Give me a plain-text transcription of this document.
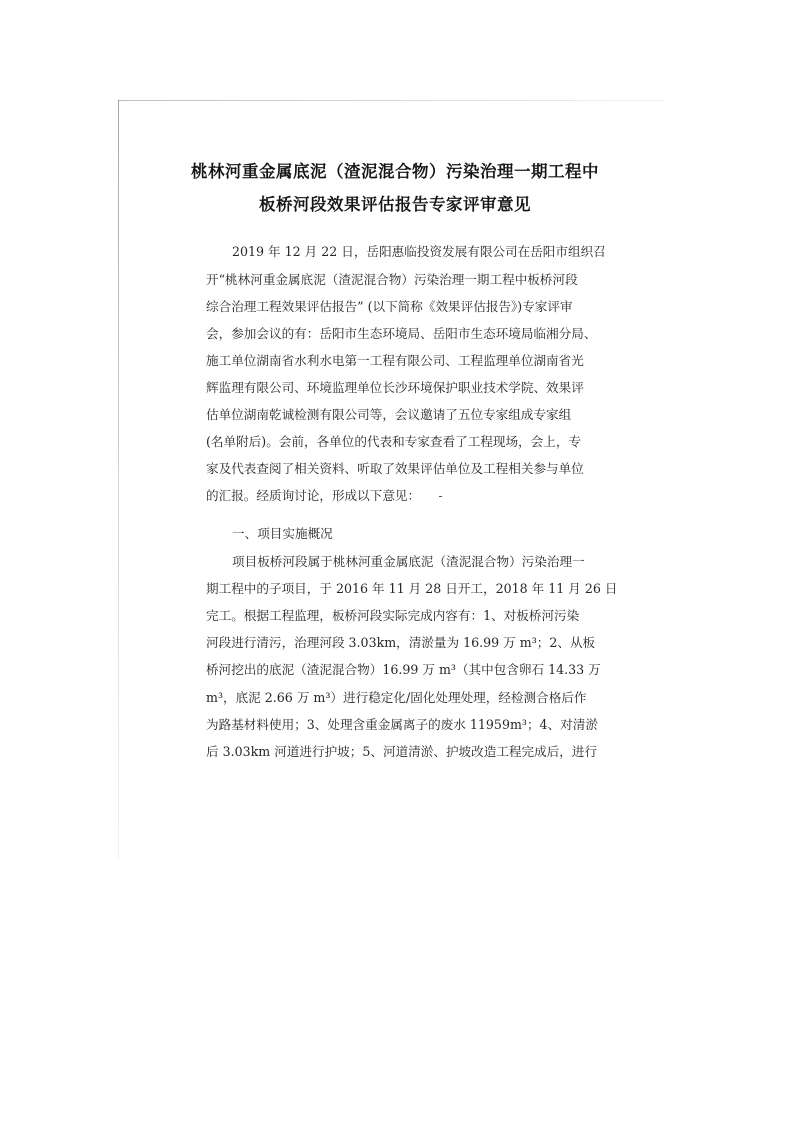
桃林河重金属底泥（渣泥混合物）污染治理一期工程中
板桥河段效果评估报告专家评审意见
2019 年 12 月 22 日，岳阳惠临投资发展有限公司在岳阳市组织召
开“桃林河重金属底泥（渣泥混合物）污染治理一期工程中板桥河段
综合治理工程效果评估报告” (以下简称《效果评估报告》)专家评审
会，参加会议的有：岳阳市生态环境局、岳阳市生态环境局临湘分局、
施工单位湖南省水利水电第一工程有限公司、工程监理单位湖南省光
辉监理有限公司、环境监理单位长沙环境保护职业技术学院、效果评
估单位湖南乾诚检测有限公司等，会议邀请了五位专家组成专家组
(名单附后)。会前，各单位的代表和专家查看了工程现场，会上，专
家及代表查阅了相关资料、听取了效果评估单位及工程相关参与单位
的汇报。经质询讨论，形成以下意见：
一、项目实施概况
项目板桥河段属于桃林河重金属底泥（渣泥混合物）污染治理一
期工程中的子项目，于 2016 年 11 月 28 日开工，2018 年 11 月 26 日
完工。根据工程监理，板桥河段实际完成内容有：1、对板桥河污染
河段进行清污，治理河段 3.03km，清淤量为 16.99 万 m³；2、从板
桥河挖出的底泥（渣泥混合物）16.99 万 m³（其中包含卵石 14.33 万
m³，底泥 2.66 万 m³）进行稳定化/固化处理处理，经检测合格后作
为路基材料使用；3、处理含重金属离子的废水 11959m³；4、对清淤
后 3.03km 河道进行护坡；5、河道清淤、护坡改造工程完成后，进行
